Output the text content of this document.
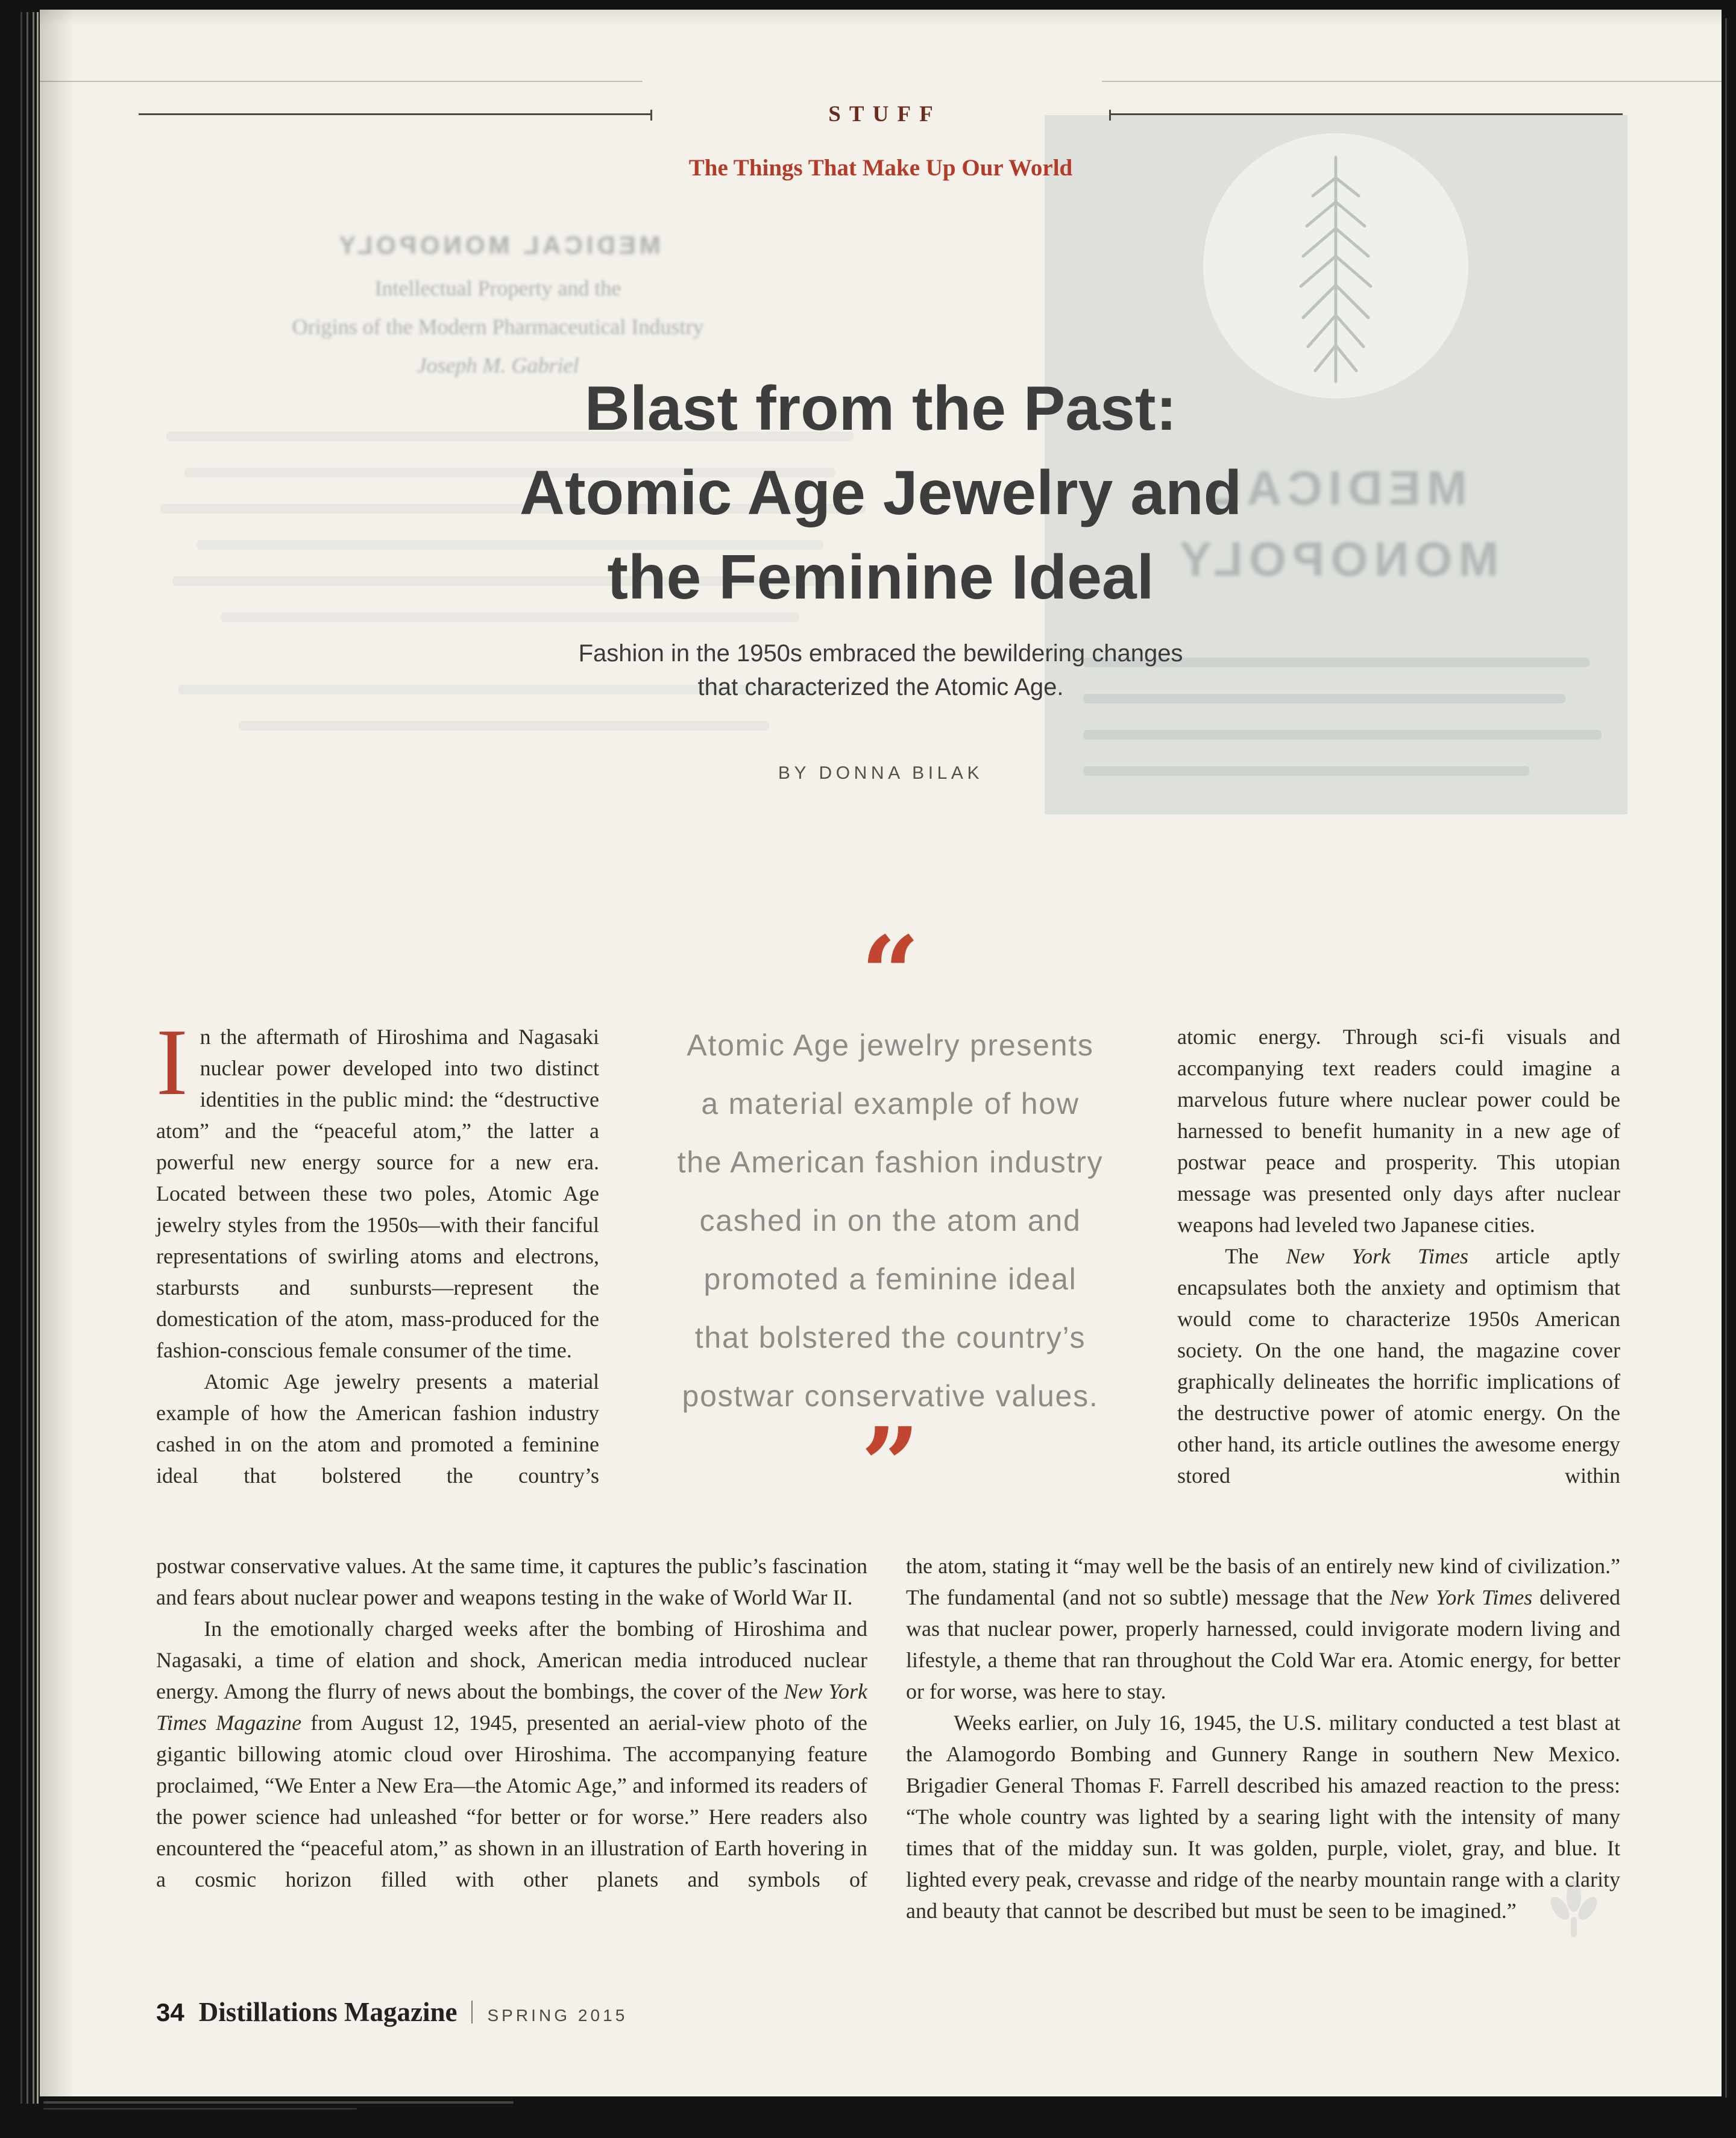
MEDICAL MONOPOLY
Intellectual Property and the
Origins of the Modern Pharmaceutical Industry
Joseph M. Gabriel
MEDICAL
MONOPOLY
STUFF
The Things That Make Up Our World
Blast from the Past:
Atomic Age Jewelry and
the Feminine Ideal
Fashion in the 1950s embraced the bewildering changes
that characterized the Atomic Age.
BY DONNA BILAK
“
Atomic Age jewelry presents
a material example of how
the American fashion industry
cashed in on the atom and
promoted a feminine ideal
that bolstered the country’s
postwar conservative values.
”

In the aftermath of Hiroshima and Nagasaki nuclear power developed into two distinct identities in the public mind: the “destructive atom” and the “peaceful atom,” the latter a powerful new energy source for a new era. Located between these two poles, Atomic Age jewelry styles from the 1950s—with their fanciful representations of swirling atoms and electrons, starbursts and sunbursts—represent the domestication of the atom, mass-produced for the fashion-conscious female consumer of the time.

Atomic Age jewelry presents a material example of how the American fashion industry cashed in on the atom and promoted a feminine ideal that bolstered the country’s

postwar conservative values. At the same time, it captures the public’s fascination and fears about nuclear power and weapons testing in the wake of World War II.

In the emotionally charged weeks after the bombing of Hiroshima and Nagasaki, a time of elation and shock, American media introduced nuclear energy. Among the flurry of news about the bombings, the cover of the New York Times Magazine from August 12, 1945, presented an aerial-view photo of the gigantic billowing atomic cloud over Hiroshima. The accompanying feature proclaimed, “We Enter a New Era—the Atomic Age,” and informed its readers of the power science had unleashed “for better or for worse.” Here readers also encountered the “peaceful atom,” as shown in an illustration of Earth hovering in a cosmic horizon filled with other planets and symbols of

atomic energy. Through sci-fi visuals and accompanying text readers could imagine a marvelous future where nuclear power could be harnessed to benefit humanity in a new age of postwar peace and prosperity. This utopian message was presented only days after nuclear weapons had leveled two Japanese cities.

The New York Times article aptly encapsulates both the anxiety and optimism that would come to characterize 1950s American society. On the one hand, the magazine cover graphically delineates the horrific implications of the destructive power of atomic energy. On the other hand, its article outlines the awesome energy stored within

the atom, stating it “may well be the basis of an entirely new kind of civilization.” The fundamental (and not so subtle) message that the New York Times delivered was that nuclear power, properly harnessed, could invigorate modern living and lifestyle, a theme that ran throughout the Cold War era. Atomic energy, for better or for worse, was here to stay.

Weeks earlier, on July 16, 1945, the U.S. military conducted a test blast at the Alamogordo Bombing and Gunnery Range in southern New Mexico. Brigadier General Thomas F. Farrell described his amazed reaction to the press: “The whole country was lighted by a searing light with the intensity of many times that of the midday sun. It was golden, purple, violet, gray, and blue. It lighted every peak, crevasse and ridge of the nearby mountain range with a clarity and beauty that cannot be described but must be seen to be imagined.”

34 Distillations Magazine SPRING 2015
